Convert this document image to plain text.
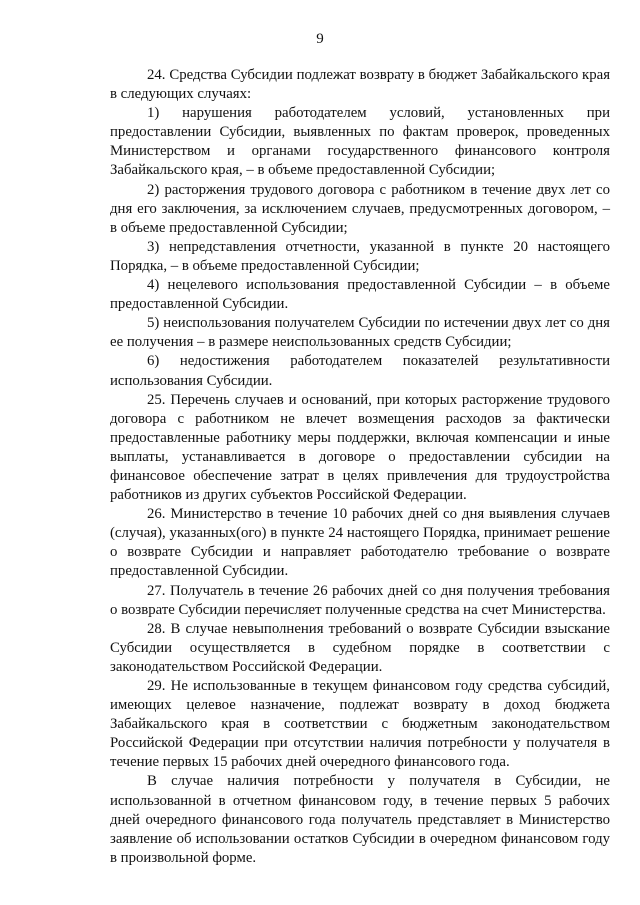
9

24. Средства Субсидии подлежат возврату в бюджет Забайкальского края в следующих случаях:

1) нарушения работодателем условий, установленных при предоставлении Субсидии, выявленных по фактам проверок, проведенных Министерством и органами государственного финансового контроля Забайкальского края, – в объеме предоставленной Субсидии;

2) расторжения трудового договора с работником в течение двух лет со дня его заключения, за исключением случаев, предусмотренных договором, – в объеме предоставленной Субсидии;

3) непредставления отчетности, указанной в пункте 20 настоящего Порядка, – в объеме предоставленной Субсидии;

4) нецелевого использования предоставленной Субсидии – в объеме предоставленной Субсидии.

5) неиспользования получателем Субсидии по истечении двух лет со дня ее получения – в размере неиспользованных средств Субсидии;

6) недостижения работодателем показателей результативности использования Субсидии.

25. Перечень случаев и оснований, при которых расторжение трудового договора с работником не влечет возмещения расходов за фактически предоставленные работнику меры поддержки, включая компенсации и иные выплаты, устанавливается в договоре о предоставлении субсидии на финансовое обеспечение затрат в целях привлечения для трудоустройства работников из других субъектов Российской Федерации.

26. Министерство в течение 10 рабочих дней со дня выявления случаев (случая), указанных(ого) в пункте 24 настоящего Порядка, принимает решение о возврате Субсидии и направляет работодателю требование о возврате предоставленной Субсидии.

27. Получатель в течение 26 рабочих дней со дня получения требования о возврате Субсидии перечисляет полученные средства на счет Министерства.

28. В случае невыполнения требований о возврате Субсидии взыскание Субсидии осуществляется в судебном порядке в соответствии с законодательством Российской Федерации.

29. Не использованные в текущем финансовом году средства субсидий, имеющих целевое назначение, подлежат возврату в доход бюджета Забайкальского края в соответствии с бюджетным законодательством Российской Федерации при отсутствии наличия потребности у получателя в течение первых 15 рабочих дней очередного финансового года.

В случае наличия потребности у получателя в Субсидии, не использованной в отчетном финансовом году, в течение первых 5 рабочих дней очередного финансового года получатель представляет в Министерство заявление об использовании остатков Субсидии в очередном финансовом году в произвольной форме.
